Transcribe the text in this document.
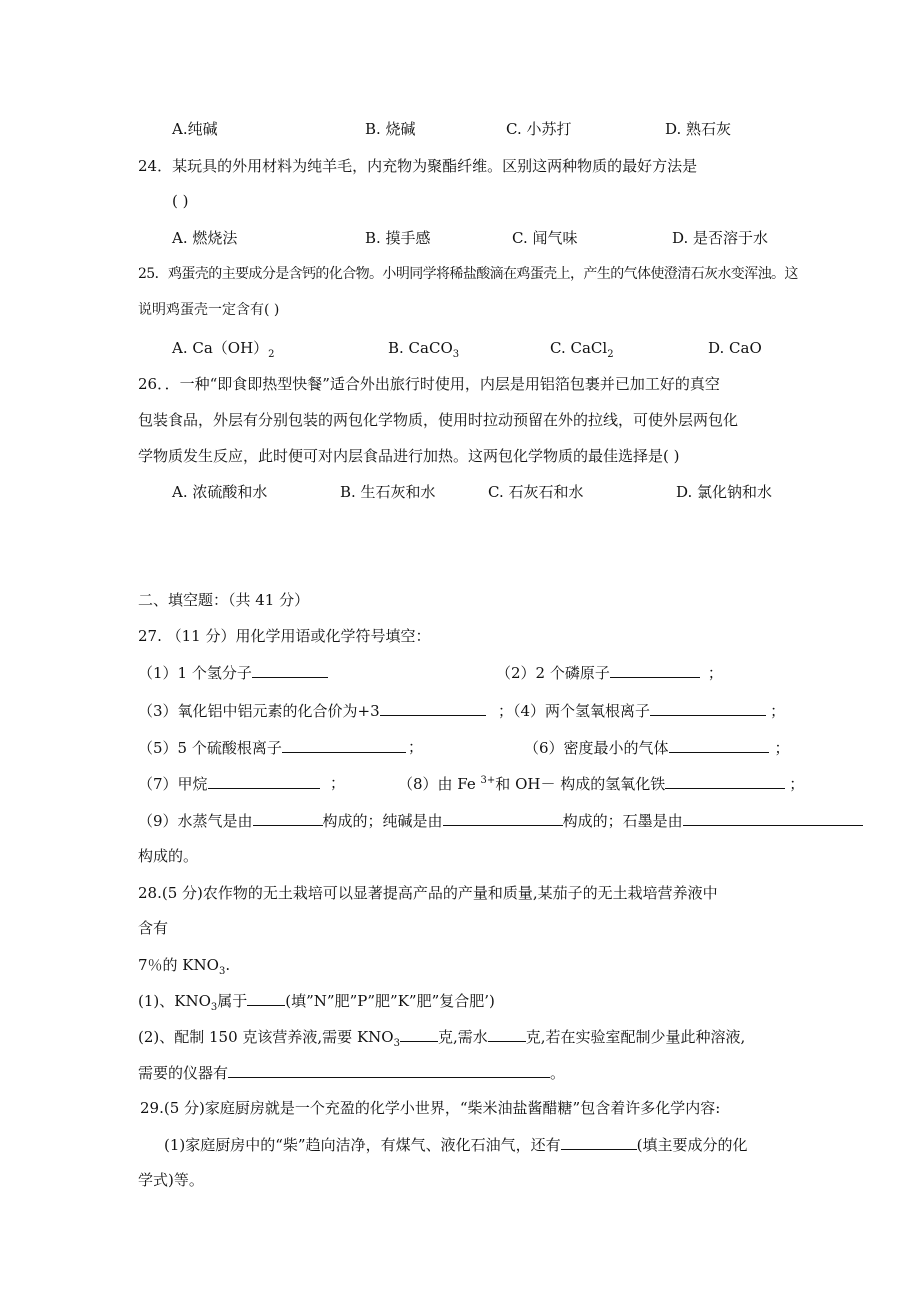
A.纯碱	B. 烧碱	C. 小苏打	D. 熟石灰
24．某玩具的外用材料为纯羊毛，内充物为聚酯纤维。区别这两种物质的最好方法是
( )
A. 燃烧法	B. 摸手感	C. 闻气味	D. 是否溶于水
25．鸡蛋壳的主要成分是含钙的化合物。小明同学将稀盐酸滴在鸡蛋壳上，产生的气体使澄清石灰水变浑浊。这
说明鸡蛋壳一定含有( )
A. $Ca(OH)_2$	B. CaCO$_3$	C. CaCl$_2$	D. CaO
26．．一种“即食即热型快餐”适合外出旅行时使用，内层是用铝箔包裹并已加工好的真空
包装食品，外层有分别包装的两包化学物质，使用时拉动预留在外的拉线，可使外层两包化
学物质发生反应，此时便可对内层食品进行加热。这两包化学物质的最佳选择是( )
A. 浓硫酸和水	B. 生石灰和水	C. 石灰石和水	D. 氯化钠和水
二、填空题：（共 41 分）
27. （11 分）用化学用语或化学符号填空：
（1）1 个氢分子	（2）2 个磷原子	；
（3）氧化铝中铝元素的化合价为+3	；（4）两个氢氧根离子	；
（5）5 个硫酸根离子	；	（6）密度最小的气体	；
（7）甲烷	；	（8）由 Fe $^{3+}$和 OH－ 构成的氢氧化铁	；
（9）水蒸气是由	构成的；纯碱是由	构成的；石墨是由
构成的。
28.(5 分)农作物的无土栽培可以显著提高产品的产量和质量,某茄子的无土栽培营养液中
含有
7％的 $KNO_3$.
(1)、$KNO_3$属于	(填”N”肥”P”肥”K”肥”复合肥’)
(2)、配制 150 克该营养液,需要 $KNO_3$	克,需水	克,若在实验室配制少量此种溶液,
需要的仪器有	。
29.(5 分)家庭厨房就是一个充盈的化学小世界，“柴米油盐酱醋糖”包含着许多化学内容:
(1)家庭厨房中的“柴”趋向洁净，有煤气、液化石油气，还有	(填主要成分的化
学式)等。
